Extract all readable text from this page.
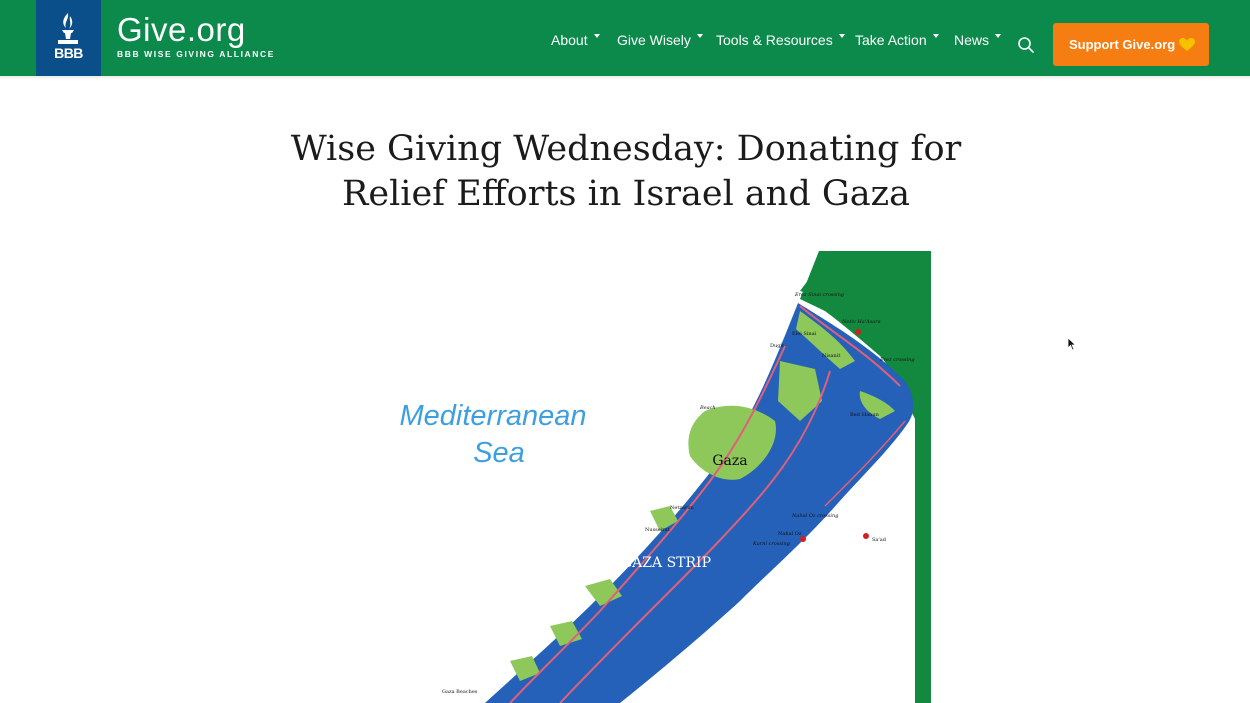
BBB
Give.org
BBB WISE GIVING ALLIANCE
About Give Wisely Tools & Resources Take Action News	Support Give.org
Wise Giving Wednesday: Donating for
Relief Efforts in Israel and Gaza
Mediterranean
Sea	Gaza
GAZA STRIP
Erez Sinai crossing
Netiv Ha'Asara
Elei Sinai
Dugit
Nisanit
Erez crossing
Beit Hanun
Beach
Netzarim
Nahal Oz crossing
Nahal Oz
Karni crossing
Sa'ad
Nusseirat
Gaza Beaches
